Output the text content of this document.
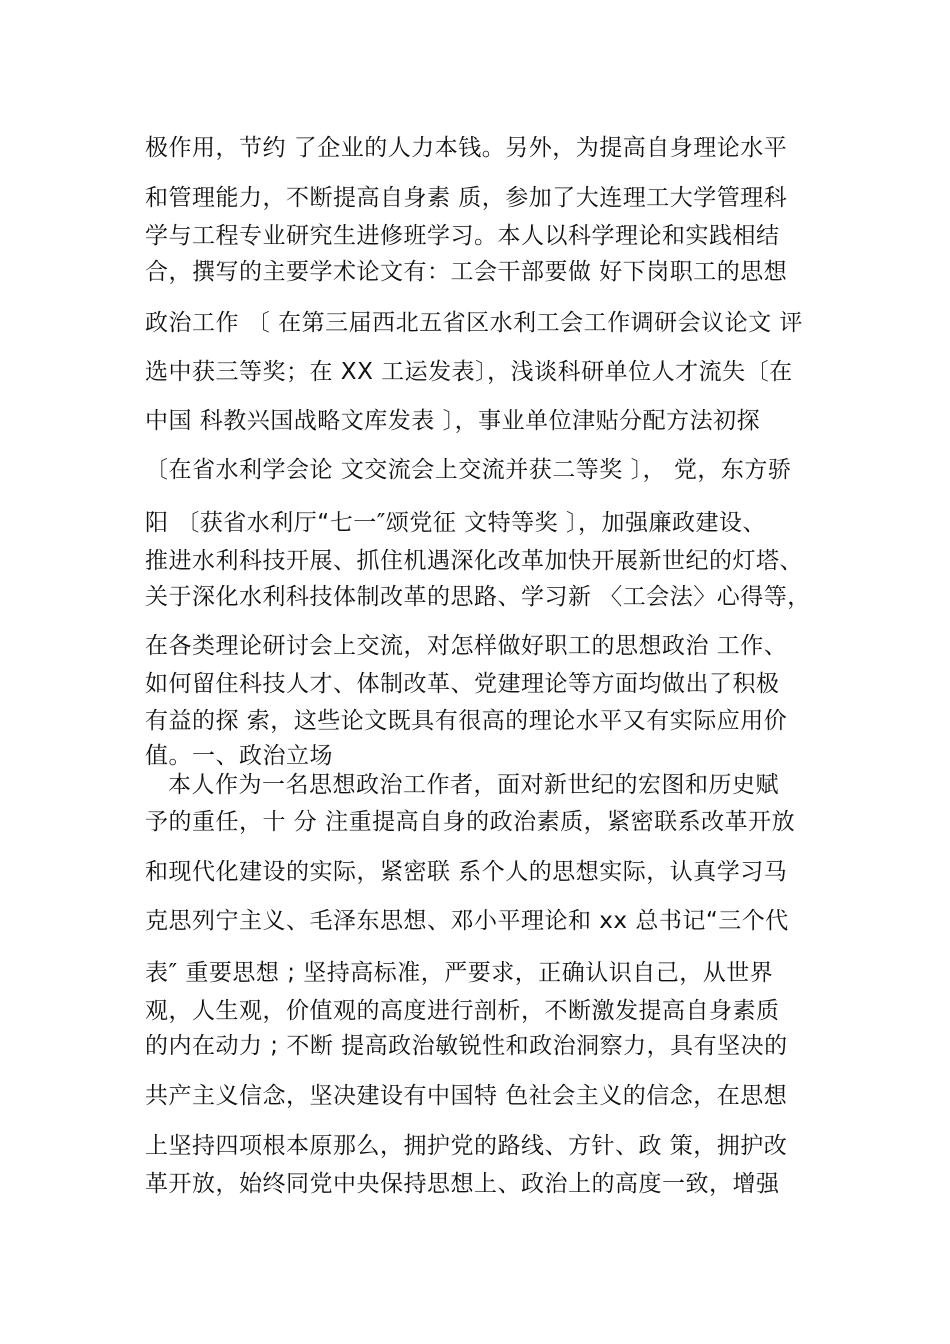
极作用，节约 了企业的人力本钱。另外，为提高自身理论水平
和管理能力，不断提高自身素 质，参加了大连理工大学管理科
学与工程专业研究生进修班学习。本人以科学理论和实践相结
合，撰写的主要学术论文有：工会干部要做 好下岗职工的思想
政治工作 〔 在第三届西北五省区水利工会工作调研会议论文 评
选中获三等奖；在 XX 工运发表〕，浅谈科研单位人才流失〔在
中国 科教兴国战略文库发表 〕，事业单位津贴分配方法初探
〔在省水利学会论 文交流会上交流并获二等奖 〕， 党，东方骄
阳 〔获省水利厅“七一″颂党征 文特等奖 〕，加强廉政建设、
推进水利科技开展、抓住机遇深化改革加快开展新世纪的灯塔、
关于深化水利科技体制改革的思路、学习新 〈工会法〉心得等，
在各类理论研讨会上交流，对怎样做好职工的思想政治 工作、
如何留住科技人才、体制改革、党建理论等方面均做出了积极
有益的探 索，这些论文既具有很高的理论水平又有实际应用价
值。一、政治立场
本人作为一名思想政治工作者，面对新世纪的宏图和历史赋
予的重任，十 分 注重提高自身的政治素质，紧密联系改革开放
和现代化建设的实际，紧密联 系个人的思想实际，认真学习马
克思列宁主义、毛泽东思想、邓小平理论和 xx 总书记“三个代
表″ 重要思想 ; 坚持高标准，严要求，正确认识自己，从世界
观，人生观，价值观的高度进行剖析，不断激发提高自身素质
的内在动力 ; 不断 提高政治敏锐性和政治洞察力，具有坚决的
共产主义信念，坚决建设有中国特 色社会主义的信念，在思想
上坚持四项根本原那么，拥护党的路线、方针、政 策，拥护改
革开放，始终同党中央保持思想上、政治上的高度一致，增强
